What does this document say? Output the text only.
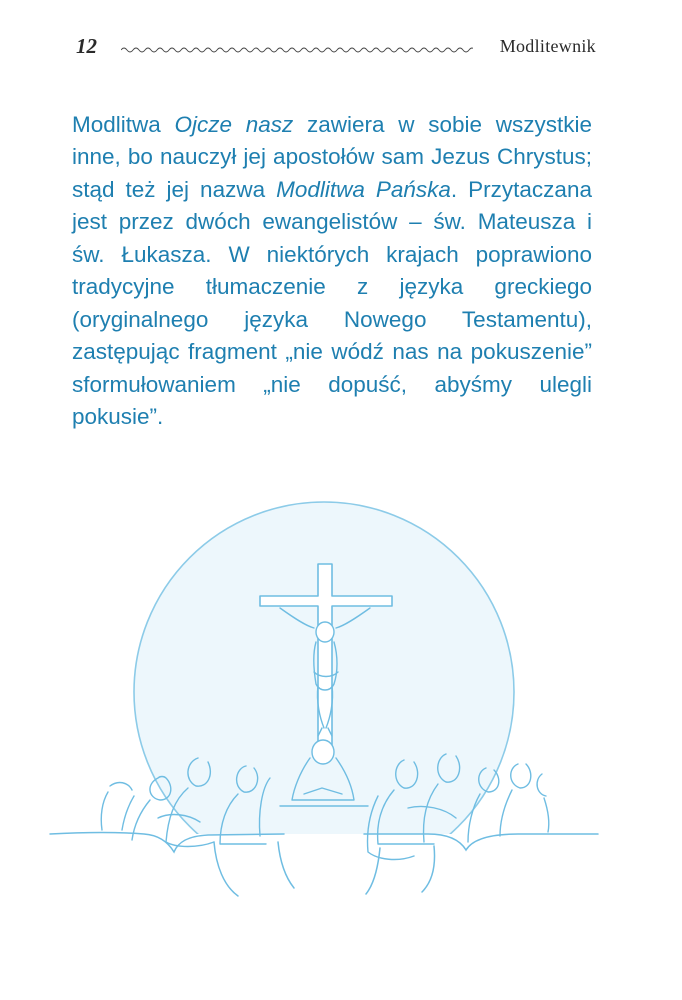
12	Modlitewnik

Modlitwa Ojcze nasz zawiera w sobie wszystkie inne, bo nauczył jej apostołów sam Jezus Chrystus; stąd też jej nazwa Modlitwa Pańska. Przytaczana jest przez dwóch ewangelistów – św. Mateusza i św. Łukasza. W niektórych krajach poprawiono tradycyjne tłumaczenie z języka greckiego (oryginalnego języka Nowego Testamentu), zastępując fragment „nie wódź nas na pokuszenie” sformułowaniem „nie dopuść, abyśmy ulegli pokusie”.
